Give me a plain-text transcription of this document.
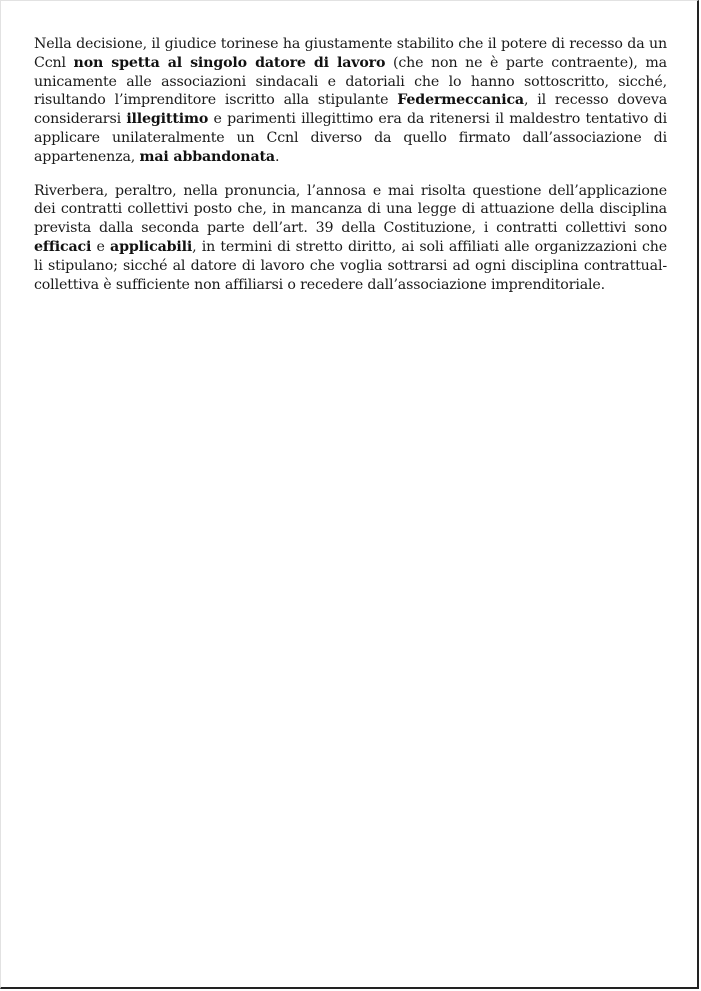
Nella decisione, il giudice torinese ha giustamente stabilito che il potere di recesso da un Ccnl non spetta al singolo datore di lavoro (che non ne è parte contraente), ma unicamente alle associazioni sindacali e datoriali che lo hanno sottoscritto, sicché, risultando l’imprenditore iscritto alla stipulante Federmeccanica, il recesso doveva considerarsi illegittimo e parimenti illegittimo era da ritenersi il maldestro tentativo di applicare unilateralmente un Ccnl diverso da quello firmato dall’associazione di appartenenza, mai abbandonata.

Riverbera, peraltro, nella pronuncia, l’annosa e mai risolta questione dell’applicazione dei contratti collettivi posto che, in mancanza di una legge di attuazione della disciplina prevista dalla seconda parte dell’art. 39 della Costituzione, i contratti collettivi sono efficaci e applicabili, in termini di stretto diritto, ai soli affiliati alle organizzazioni che li stipulano; sicché al datore di lavoro che voglia sottrarsi ad ogni disciplina contrattual-collettiva è sufficiente non affiliarsi o recedere dall’associazione imprenditoriale.
